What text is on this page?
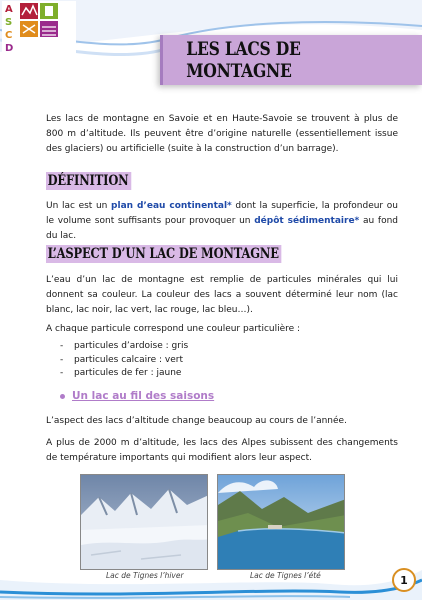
A
S
C
D	LES LACS DE MONTAGNE

Les lacs de montagne en Savoie et en Haute-Savoie se trouvent à plus de 800 m d’altitude. Ils peuvent être d’origine naturelle (essentiellement issue des glaciers) ou artificielle (suite à la construction d’un barrage).

DÉFINITION

Un lac est un plan d’eau continental* dont la superficie, la profondeur ou le volume sont suffisants pour provoquer un dépôt sédimentaire* au fond du lac.

L’ASPECT D’UN LAC DE MONTAGNE

L’eau d’un lac de montagne est remplie de particules minérales qui lui donnent sa couleur. La couleur des lacs a souvent déterminé leur nom (lac blanc, lac noir, lac vert, lac rouge, lac bleu…).

A chaque particule correspond une couleur particulière :

- particules d’ardoise : gris
- particules calcaire : vert
- particules de fer : jaune
Un lac au fil des saisons

L’aspect des lacs d’altitude change beaucoup au cours de l’année.

A plus de 2000 m d’altitude, les lacs des Alpes subissent des changements de température importants qui modifient alors leur aspect.

Lac de Tignes l’hiver	Lac de Tignes l’été	1
